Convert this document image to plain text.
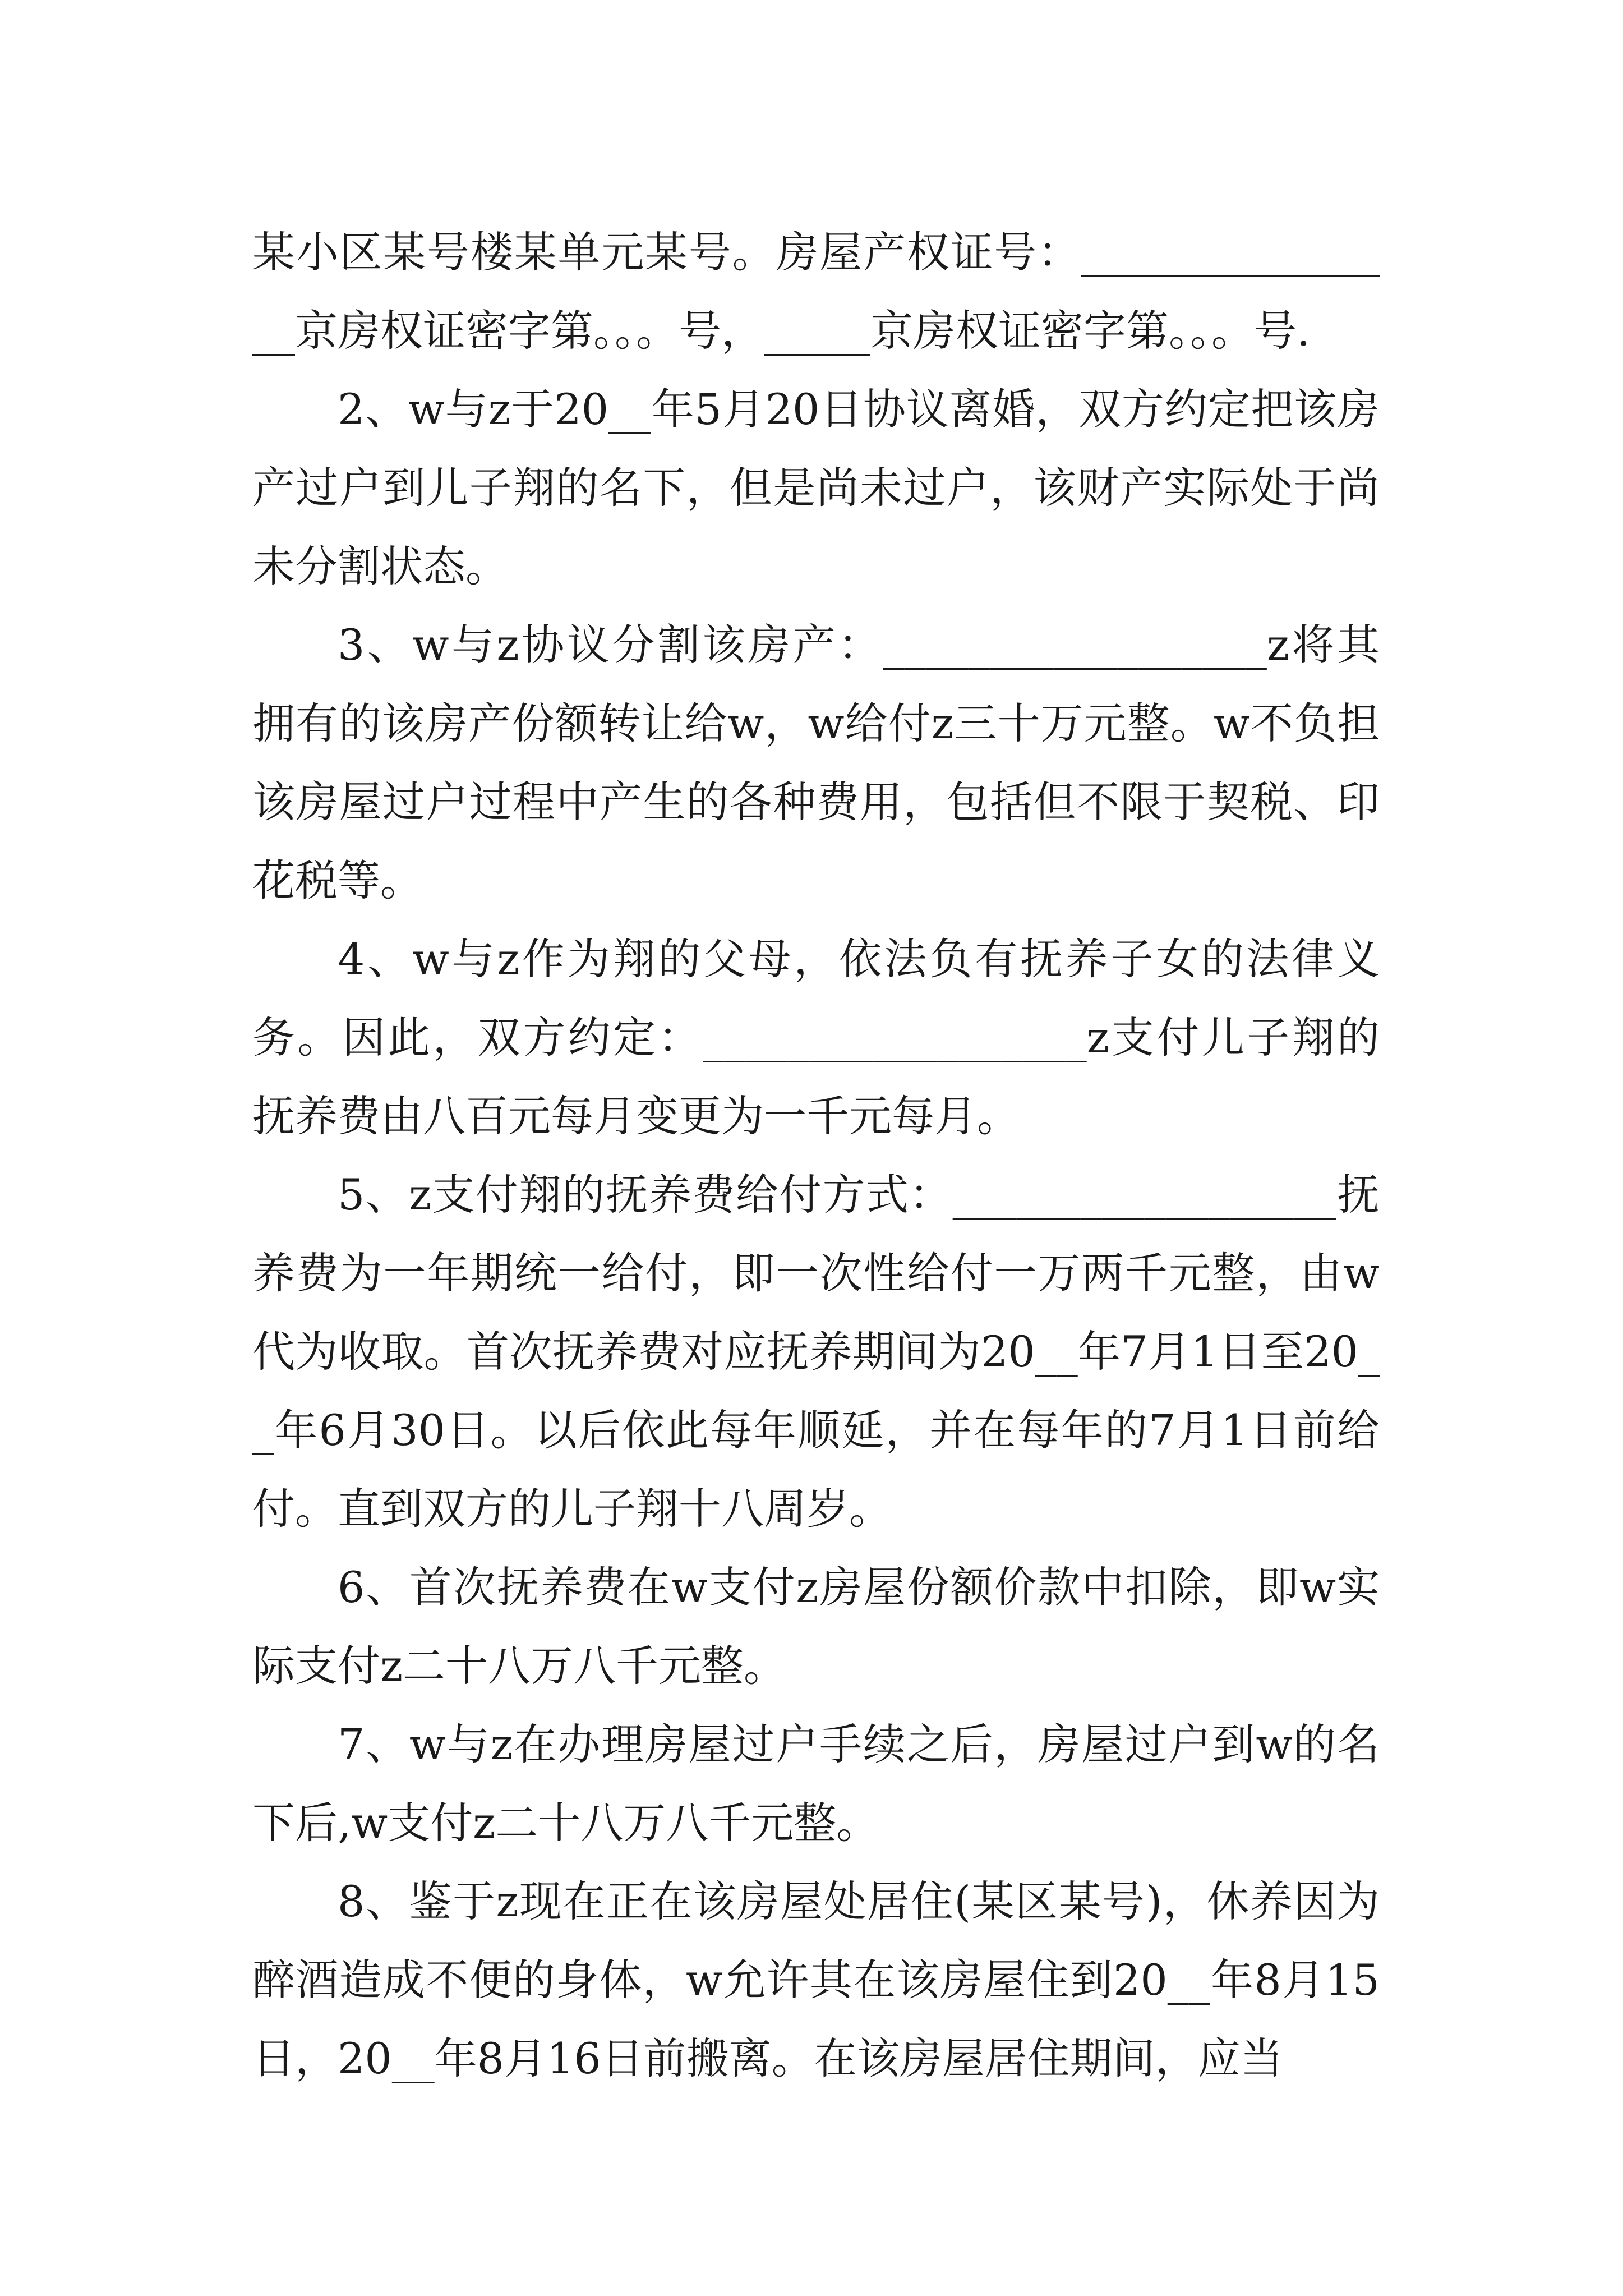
某小区某号楼某单元某号。房屋产权证号：________________京房权证密字第。。。号，_____京房权证密字第。。。号.

2、w与z于20__年5月20日协议离婚，双方约定把该房产过户到儿子翔的名下，但是尚未过户，该财产实际处于尚未分割状态。

3、w与z协议分割该房产：__________________z将其拥有的该房产份额转让给w，w给付z三十万元整。w不负担该房屋过户过程中产生的各种费用，包括但不限于契税、印花税等。

4、w与z作为翔的父母，依法负有抚养子女的法律义务。因此，双方约定：__________________z支付儿子翔的抚养费由八百元每月变更为一千元每月。

5、z支付翔的抚养费给付方式：__________________抚养费为一年期统一给付，即一次性给付一万两千元整，由w代为收取。首次抚养费对应抚养期间为20__年7月1日至20__年6月30日。以后依此每年顺延，并在每年的7月1日前给付。直到双方的儿子翔十八周岁。

6、首次抚养费在w支付z房屋份额价款中扣除，即w实际支付z二十八万八千元整。

7、w与z在办理房屋过户手续之后，房屋过户到w的名下后,w支付z二十八万八千元整。

8、鉴于z现在正在该房屋处居住(某区某号)，休养因为醉酒造成不便的身体，w允许其在该房屋住到20__年8月15日，20__年8月16日前搬离。在该房屋居住期间，应当
